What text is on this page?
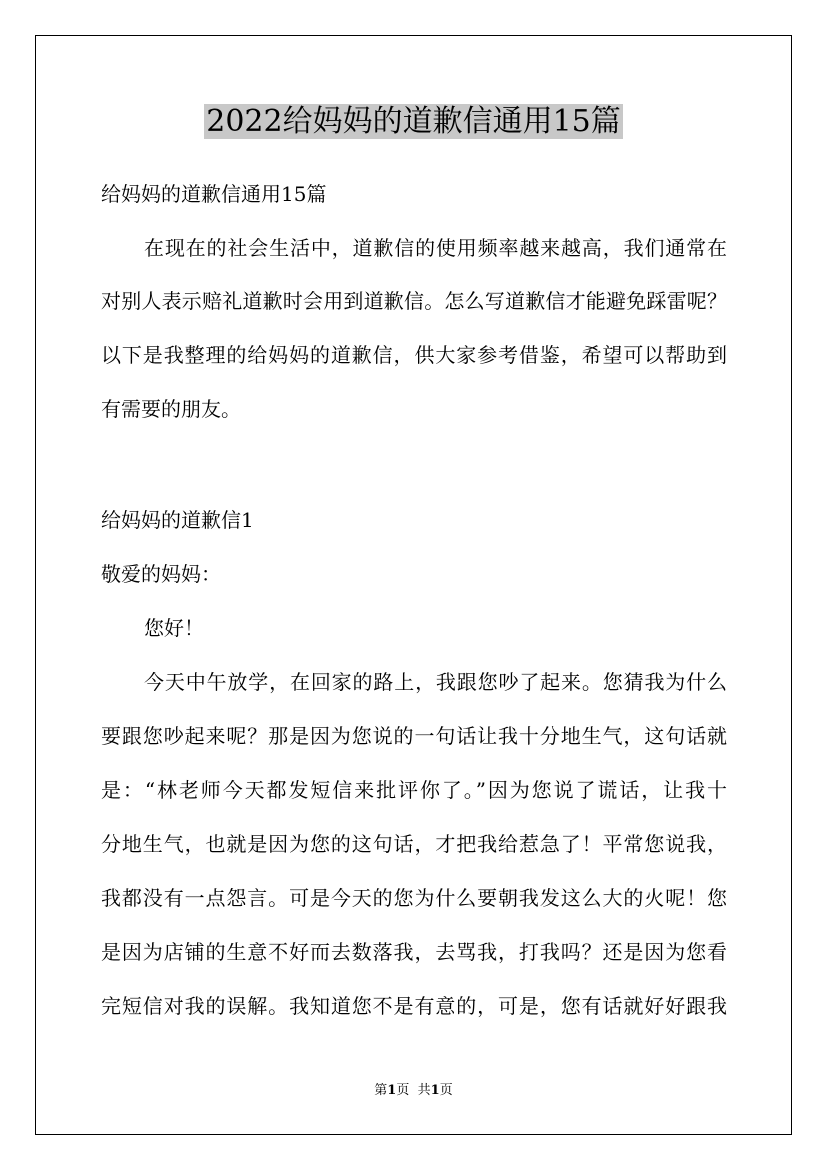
2022给妈妈的道歉信通用15篇
给妈妈的道歉信通用15篇
在现在的社会生活中，道歉信的使用频率越来越高，我们通常在
对别人表示赔礼道歉时会用到道歉信。怎么写道歉信才能避免踩雷呢？
以下是我整理的给妈妈的道歉信，供大家参考借鉴，希望可以帮助到
有需要的朋友。
给妈妈的道歉信1
敬爱的妈妈：
您好！
今天中午放学，在回家的路上，我跟您吵了起来。您猜我为什么
要跟您吵起来呢？那是因为您说的一句话让我十分地生气，这句话就
是：“林老师今天都发短信来批评你了。”因为您说了谎话，让我十
分地生气，也就是因为您的这句话，才把我给惹急了！平常您说我，
我都没有一点怨言。可是今天的您为什么要朝我发这么大的火呢！您
是因为店铺的生意不好而去数落我，去骂我，打我吗？还是因为您看
完短信对我的误解。我知道您不是有意的，可是，您有话就好好跟我
第1页 共1页
